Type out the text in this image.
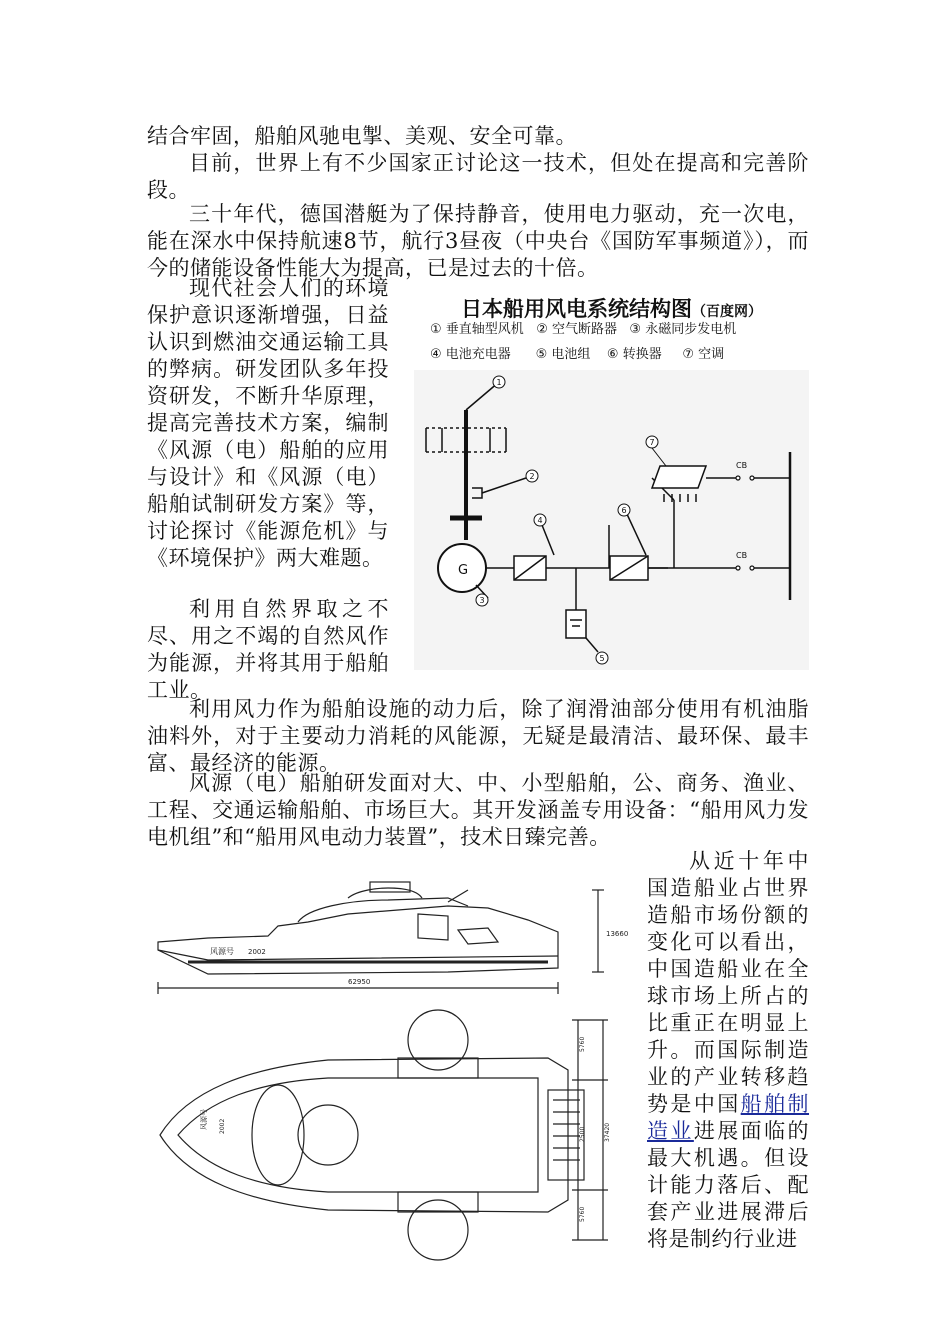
结合牢固，船舶风驰电掣、美观、安全可靠。
目前，世界上有不少国家正讨论这一技术，但处在提高和完善阶段。
三十年代，德国潜艇为了保持静音，使用电力驱动，充一次电，能在深水中保持航速8节，航行3昼夜（中央台《国防军事频道》），而今的储能设备性能大为提高，已是过去的十倍。
现代社会人们的环境保护意识逐渐增强，日益认识到燃油交通运输工具的弊病。研发团队多年投资研发，不断升华原理，提高完善技术方案，编制《风源（电）船舶的应用与设计》和《风源（电）船舶试制研发方案》等，讨论探讨《能源危机》与《环境保护》两大难题。
利用自然界取之不尽、用之不竭的自然风作为能源，并将其用于船舶工业。
日本船用风电系统结构图（百度网）
① 垂直轴型风机 ② 空气断路器 ③ 永磁同步发电机
④ 电池充电器 ⑤ 电池组 ⑥ 转换器 ⑦ 空调
G
CB
CB
1
2
3
4
5
6
7
利用风力作为船舶设施的动力后，除了润滑油部分使用有机油脂油料外，对于主要动力消耗的风能源，无疑是最清洁、最环保、最丰富、最经济的能源。
风源（电）船舶研发面对大、中、小型船舶，公、商务、渔业、工程、交通运输船舶、市场巨大。其开发涵盖专用设备：“船用风力发电机组”和“船用风电动力装置”，技术日臻完善。
风源号 2002
62950
13660
风源号 2002
5760
2500	37420
5760
从近十年中国造船业占世界造船市场份额的变化可以看出，中国造船业在全球市场上所占的比重正在明显上升。而国际制造业的产业转移趋势是中国船舶制造业进展面临的最大机遇。但设计能力落后、配套产业进展滞后将是制约行业进
